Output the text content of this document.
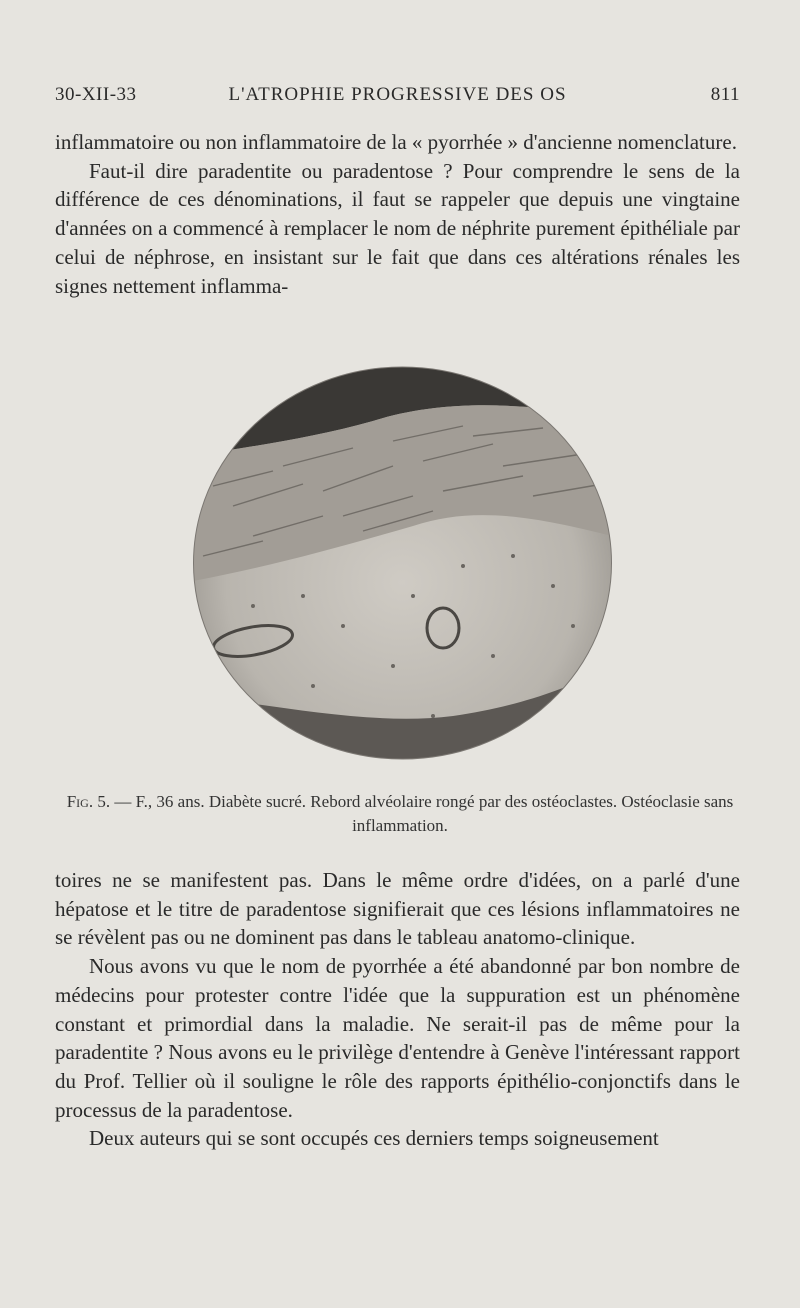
30-XII-33	L'ATROPHIE PROGRESSIVE DES OS	811

inflammatoire ou non inflammatoire de la « pyorrhée » d'ancienne nomenclature.

Faut-il dire paradentite ou paradentose ? Pour comprendre le sens de la différence de ces dénominations, il faut se rappeler que depuis une vingtaine d'années on a commencé à remplacer le nom de néphrite purement épithéliale par celui de néphrose, en insistant sur le fait que dans ces altérations rénales les signes nettement inflamma-

Fig. 5. — F., 36 ans. Diabète sucré. Rebord alvéolaire rongé par des ostéoclastes. Ostéoclasie sans inflammation.

toires ne se manifestent pas. Dans le même ordre d'idées, on a parlé d'une hépatose et le titre de paradentose signifierait que ces lésions inflammatoires ne se révèlent pas ou ne dominent pas dans le tableau anatomo-clinique.

Nous avons vu que le nom de pyorrhée a été abandonné par bon nombre de médecins pour protester contre l'idée que la suppuration est un phénomène constant et primordial dans la maladie. Ne serait-il pas de même pour la paradentite ? Nous avons eu le privilège d'entendre à Genève l'intéressant rapport du Prof. Tellier où il souligne le rôle des rapports épithélio-conjonctifs dans le processus de la paradentose.

Deux auteurs qui se sont occupés ces derniers temps soigneusement
